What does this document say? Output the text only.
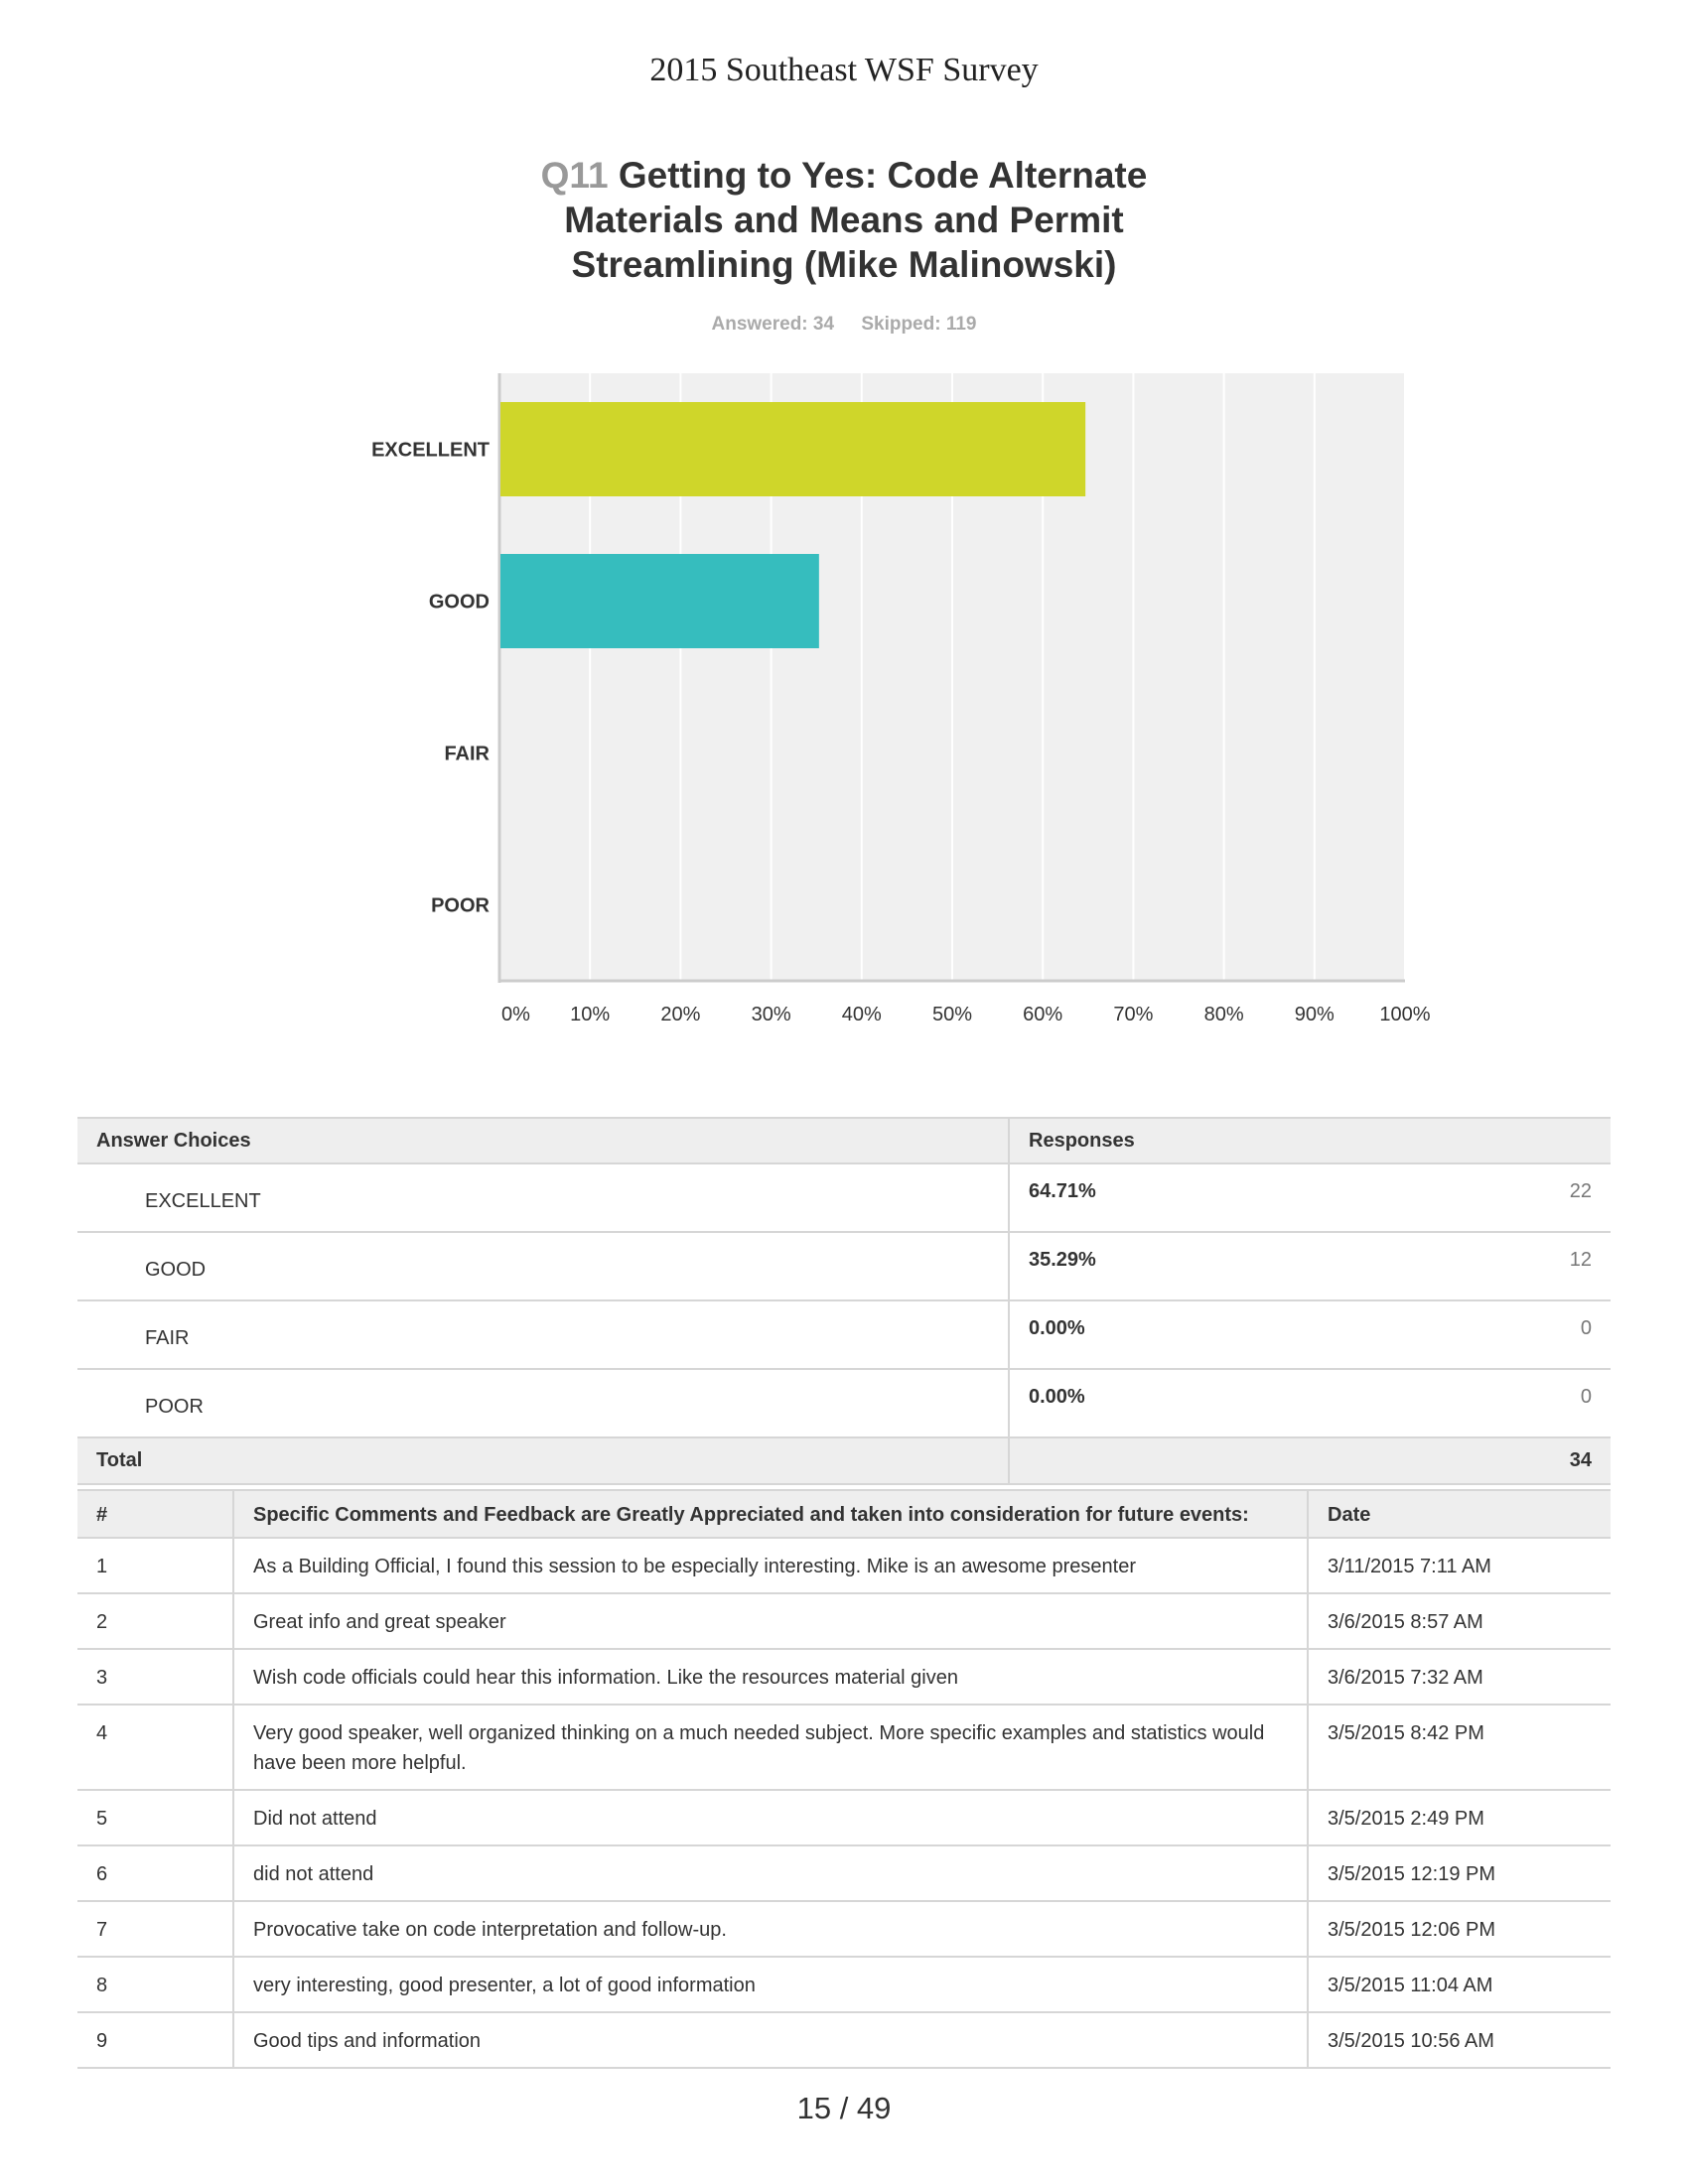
2015 Southeast WSF Survey
Q11 Getting to Yes: Code Alternate
Materials and Means and Permit
Streamlining (Mike Malinowski)
Answered: 34 Skipped: 119
0% 10%	20%	30%	40%	50%	60%	70%	80%	90% 100%
EXCELLENT
GOOD
FAIR
POOR
Answer Choices	Responses
EXCELLENT	64.71% 22

GOOD	35.29% 12

FAIR	0.00% 0

POOR	0.00% 0

Total	34
#	Specific Comments and Feedback are Greatly Appreciated and taken into consideration for future events:	Date
1	As a Building Official, I found this session to be especially interesting. Mike is an awesome presenter	3/11/2015 7:11 AM
2	Great info and great speaker	3/6/2015 8:57 AM
3	Wish code officials could hear this information. Like the resources material given	3/6/2015 7:32 AM
4	Very good speaker, well organized thinking on a much needed subject. More specific examples and statistics would have been more helpful.	3/5/2015 8:42 PM
5	Did not attend	3/5/2015 2:49 PM
6	did not attend	3/5/2015 12:19 PM
7	Provocative take on code interpretation and follow-up.	3/5/2015 12:06 PM
8	very interesting, good presenter, a lot of good information	3/5/2015 11:04 AM
9	Good tips and information	3/5/2015 10:56 AM
15 / 49
